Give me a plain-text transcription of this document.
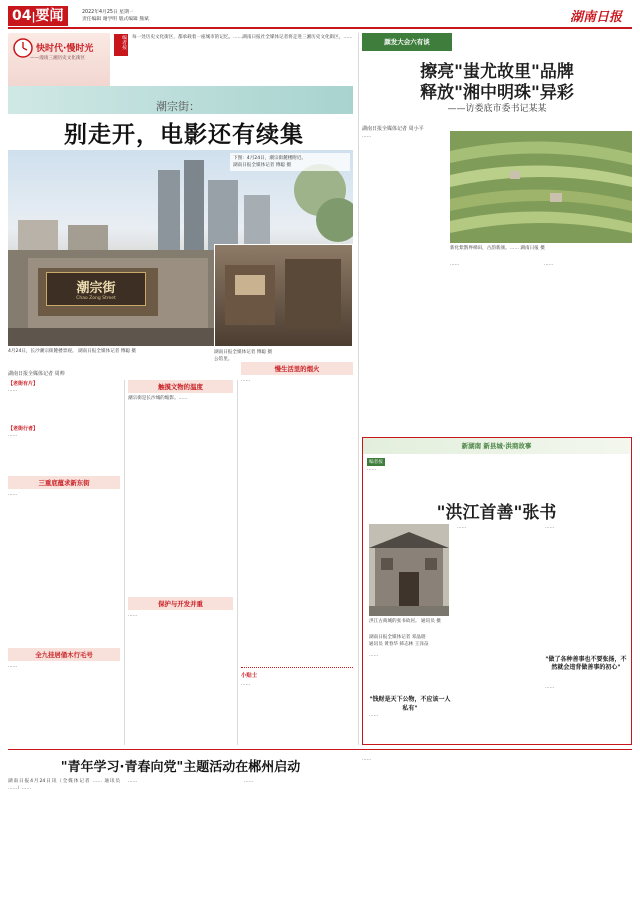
04|要闻	2022年4月25日 星期一
责任编辑 谢学明 版式编辑 熊斌	湖南日报
快时代·慢时光
——漫谈三湘历史文化街区
编者按	每一处历史文化街区，都承载着一座城市的记忆。……湖南日报社全媒体记者将走进三湘历史文化街区，……
潮宗街：
别走开，电影还有续集
潮宗街
Chao Zong Street
下图：4月24日，潮宗街麓楼附近。
湖南日报全媒体记者 傅聪 摄
4月24日，长沙潮宗街麓楼景观。 湖南日报全媒体记者 傅聪 摄	湖南日报全媒体记者 傅聪 摄
公馆里。
湖南日报全媒体记者 周帅
【老街有片】
……
【老街行者】
……
三重底蕴求新东街
……
全九挂居俑木行毛号
……
触摸文物的温度
潮宗街是长沙城的缩影。……
保护与开发并重
……
慢生活里的烟火
……
小贴士
……
颜发大会六有谈
擦亮"蚩尤故里"品牌
释放"湘中明珠"异彩
——访娄底市委书记某某
湖南日报全媒体记者 周小平
……
新化紫鹊界梯田，古韵新颜。…… 湖南日报 摄
……	……
新湖南 新县城·洪商故事
编者按
……
"洪江首善"张书
洪江古商城的张书故居。 通讯员 摄
湖南日报全媒体记者 邓晶琎
通讯员 黄春华 韩志林 王泽奋
……
"钱财是天下公物，不应该一人私有"
……
……	……
"做了各种善事也不要张扬，不然就会违背做善事的初心"
……
"青年学习·青春向党"主题活动在郴州启动
湖南日报4月24日讯（全媒体记者 …… 通讯员 ……）……
……	……
……
